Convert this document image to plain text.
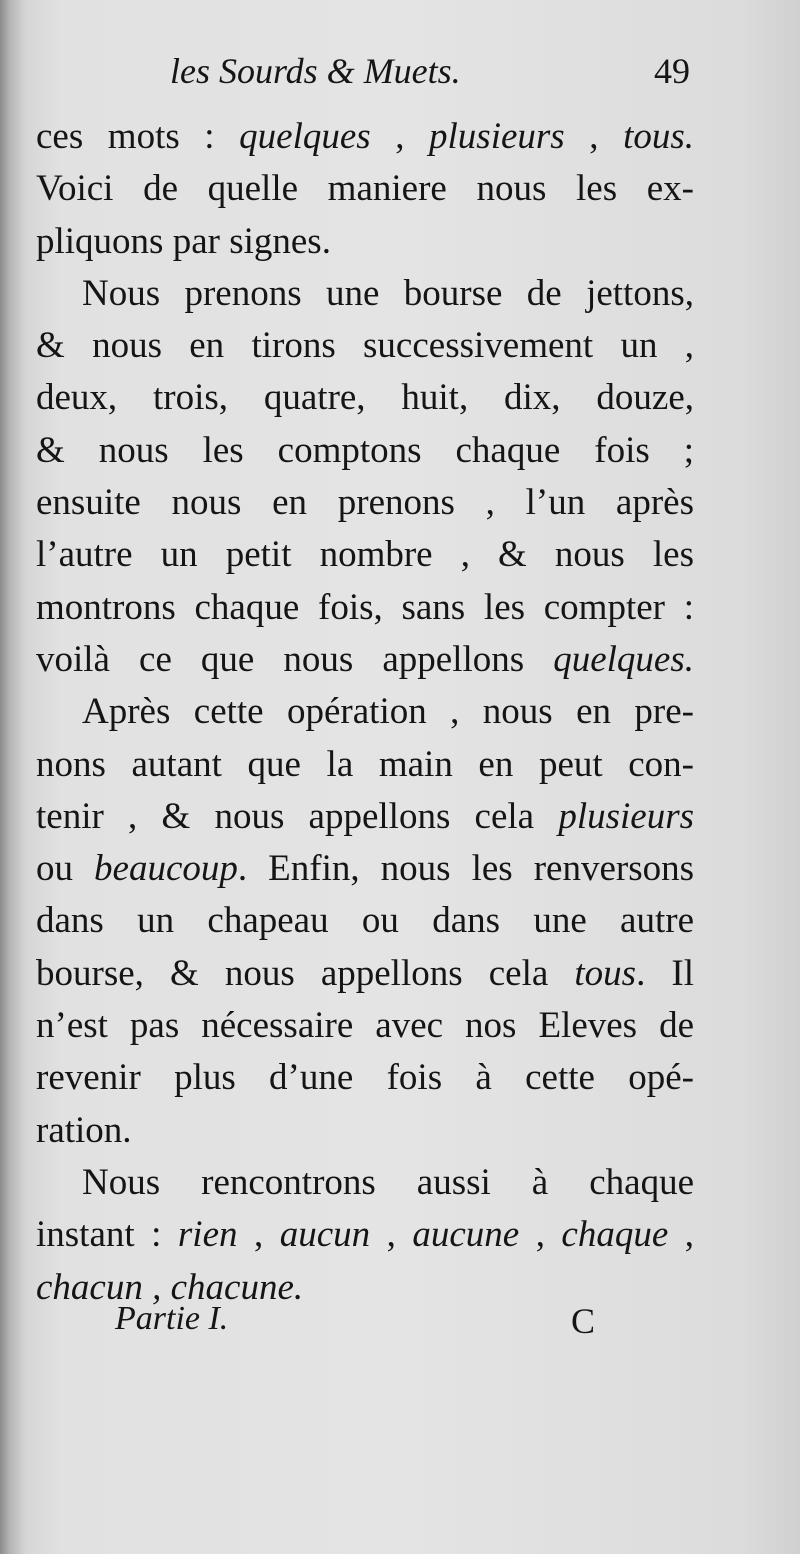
les Sourds & Muets.	49
ces mots : quelques , plusieurs , tous.
Voici de quelle maniere nous les ex-
pliquons par signes.
Nous prenons une bourse de jettons,
& nous en tirons successivement un ,
deux, trois, quatre, huit, dix, douze,
& nous les comptons chaque fois ;
ensuite nous en prenons , l’un après
l’autre un petit nombre , & nous les
montrons chaque fois, sans les compter :
voilà ce que nous appellons quelques.
Après cette opération , nous en pre-
nons autant que la main en peut con-
tenir , & nous appellons cela plusieurs
ou beaucoup. Enfin, nous les renversons
dans un chapeau ou dans une autre
bourse, & nous appellons cela tous. Il
n’est pas nécessaire avec nos Eleves de
revenir plus d’une fois à cette opé-
ration.
Nous rencontrons aussi à chaque
instant : rien , aucun , aucune , chaque ,
chacun , chacune.
Partie I.	C
